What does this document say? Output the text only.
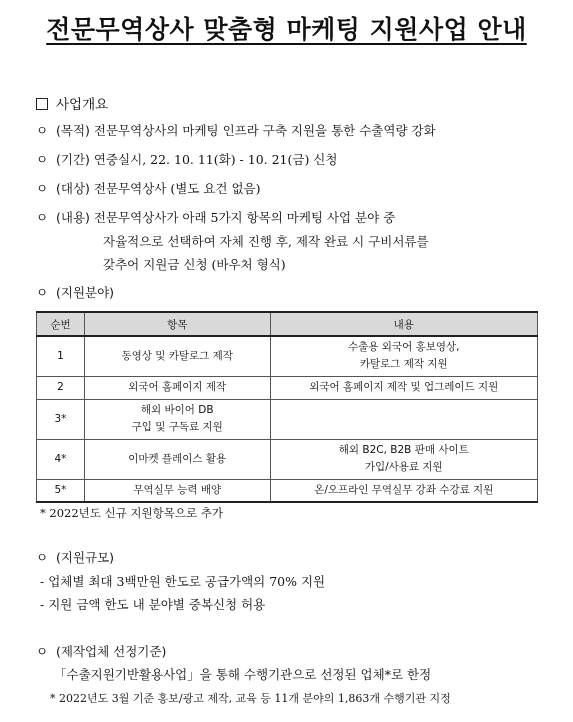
전문무역상사 맞춤형 마케팅 지원사업 안내
사업개요
ㅇ (목적) 전문무역상사의 마케팅 인프라 구축 지원을 통한 수출역량 강화
ㅇ (기간) 연중실시, 22. 10. 11(화) - 10. 21(금) 신청
ㅇ (대상) 전문무역상사 (별도 요건 없음)
ㅇ (내용) 전문무역상사가 아래 5가지 항목의 마케팅 사업 분야 중
자율적으로 선택하여 자체 진행 후, 제작 완료 시 구비서류를
갖추어 지원금 신청 (바우처 형식)
ㅇ (지원분야)
순번	항목	내용
1	동영상 및 카탈로그 제작	수출용 외국어 홍보영상,
카탈로그 제작 지원

2	외국어 홈페이지 제작	외국어 홈페이지 제작 및 업그레이드 지원
3*	해외 바이어 DB
구입 및 구독료 지원	

4*	이마켓 플레이스 활용	해외 B2C, B2B 판매 사이트
가입/사용료 지원

5*	무역실무 능력 배양	온/오프라인 무역실무 강좌 수강료 지원
* 2022년도 신규 지원항목으로 추가
ㅇ (지원규모)
- 업체별 최대 3백만원 한도로 공급가액의 70% 지원
- 지원 금액 한도 내 분야별 중복신청 허용
ㅇ (제작업체 선정기준)
「수출지원기반활용사업」을 통해 수행기관으로 선정된 업체*로 한정
* 2022년도 3월 기준 홍보/광고 제작, 교육 등 11개 분야의 1,863개 수행기관 지정
